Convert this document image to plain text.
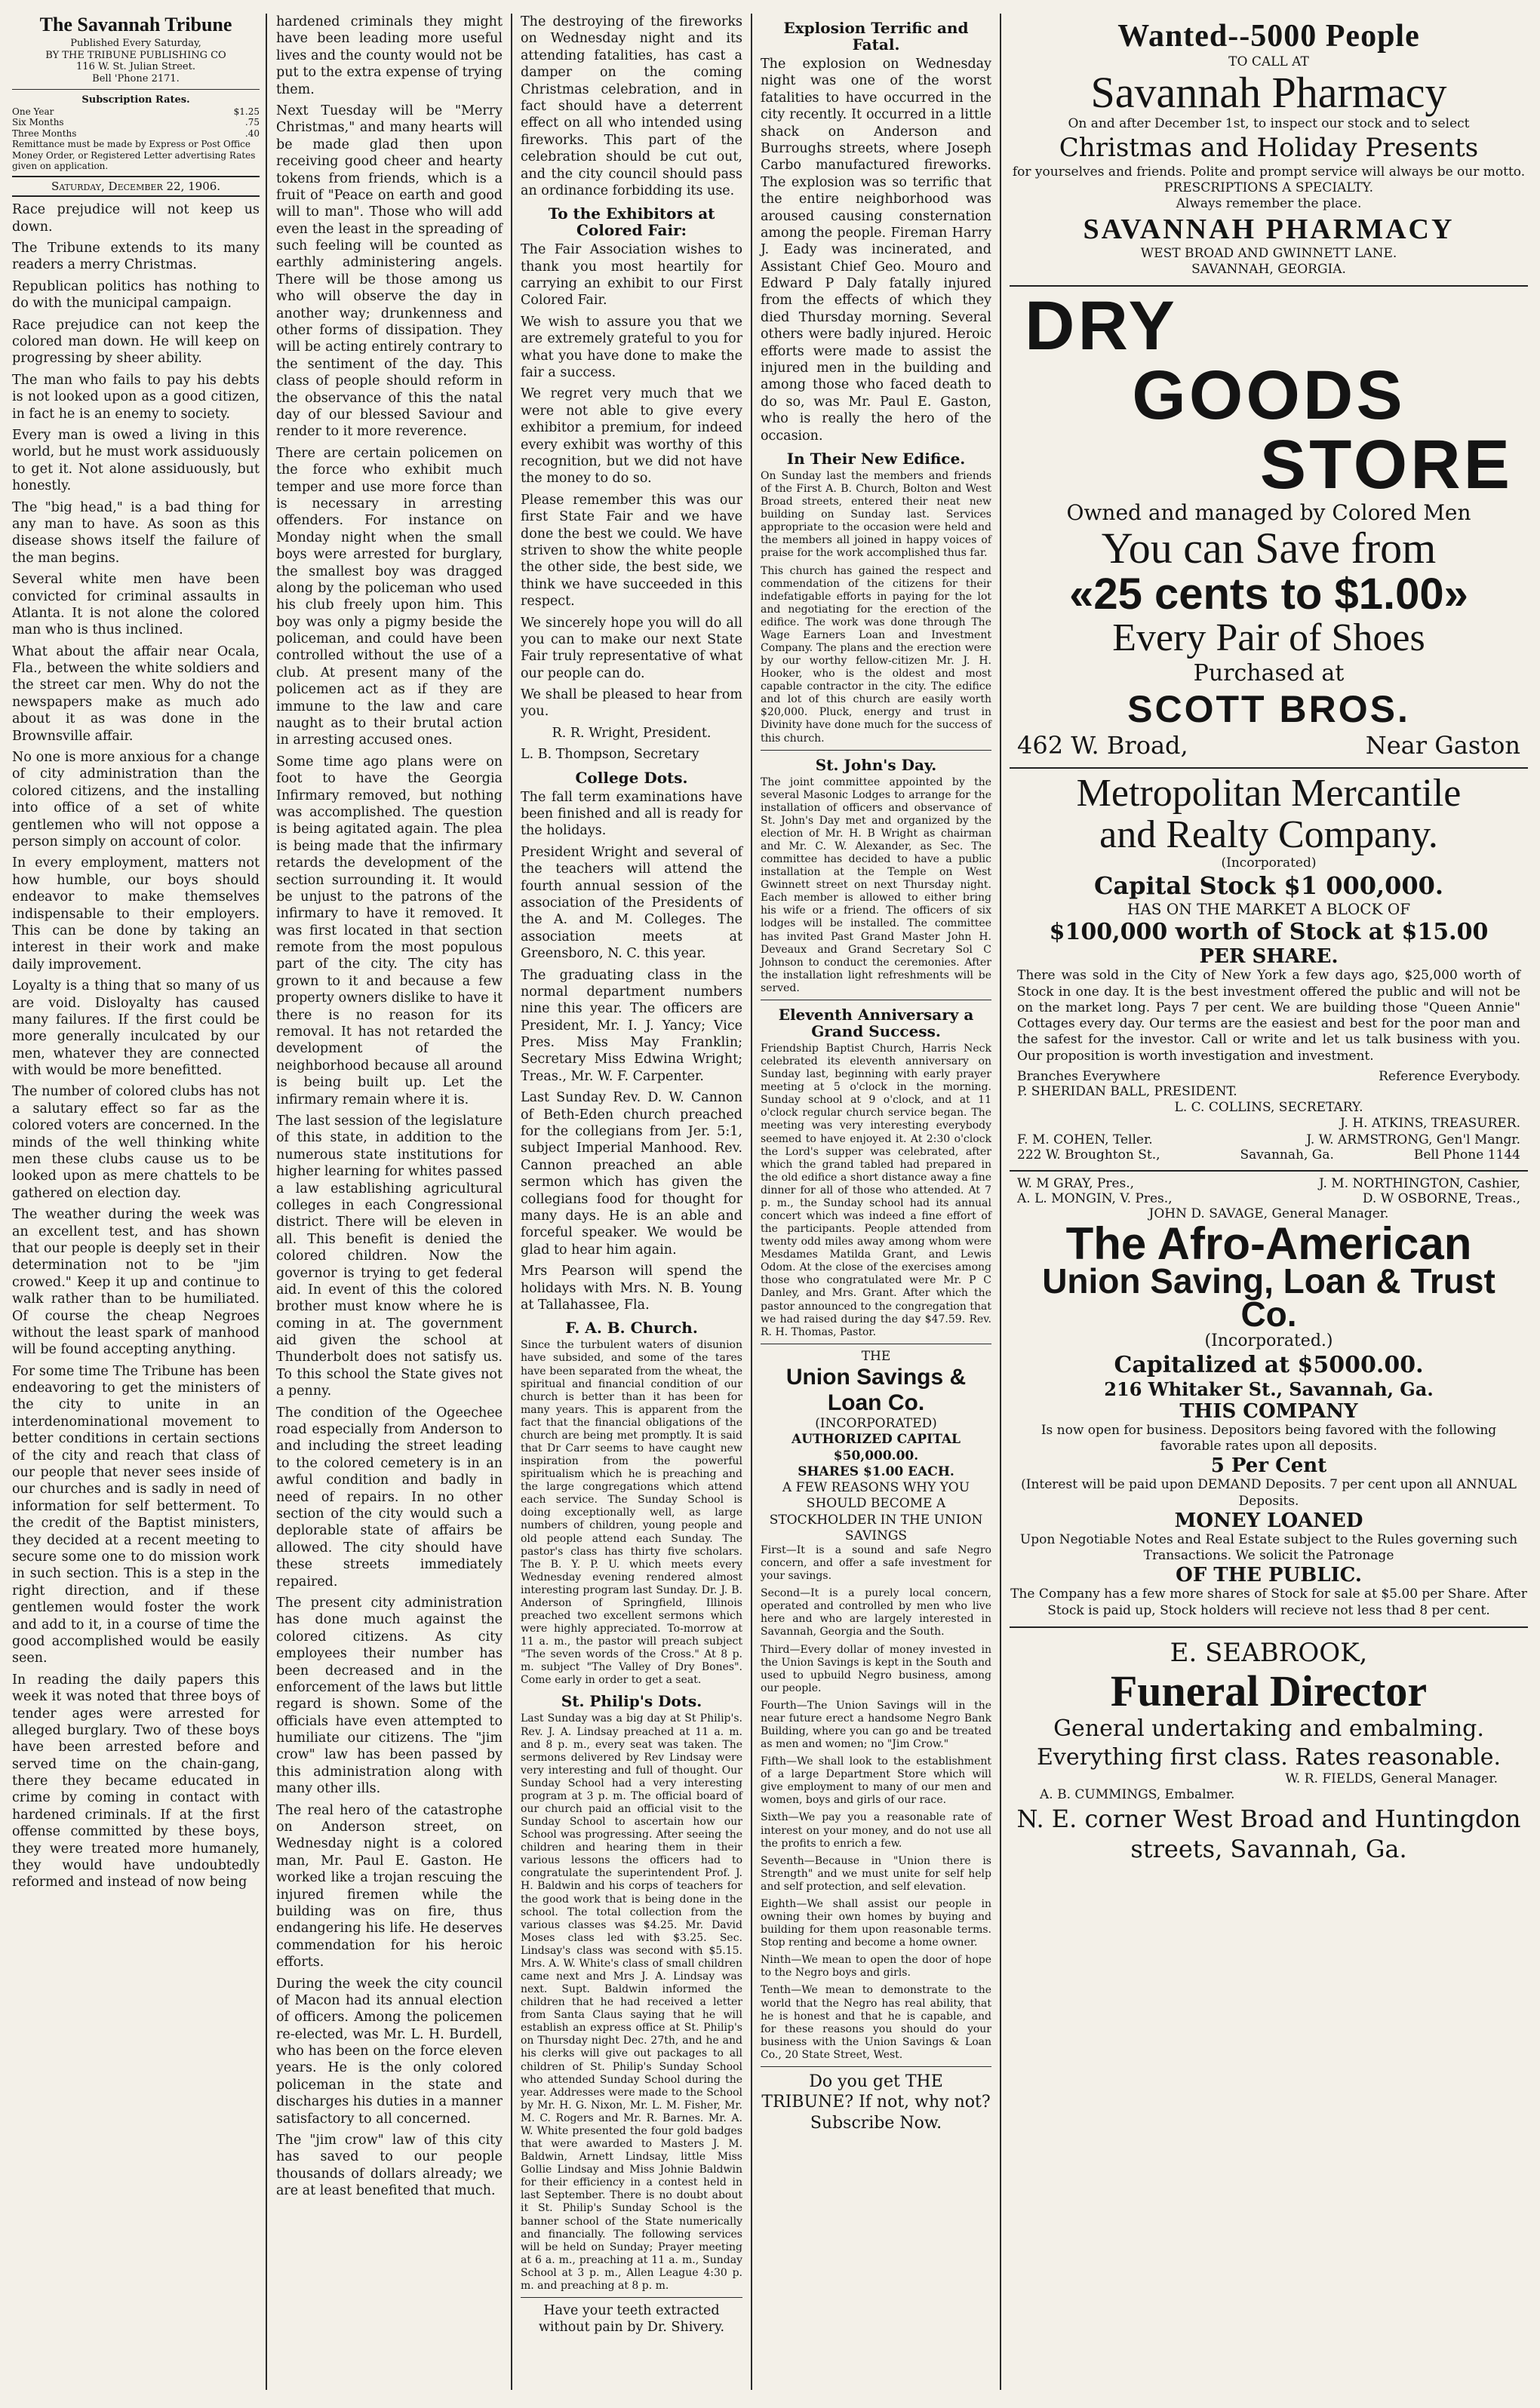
The Savannah Tribune
Published Every Saturday,
BY THE TRIBUNE PUBLISHING CO
116 W. St. Julian Street.
Bell 'Phone 2171.
Subscription Rates.
One Year	$1.25
Six Months	.75
Three Months	.40
Remittance must be made by Express or Post Office Money Order, or Registered Letter advertising Rates given on application.
Saturday, December 22, 1906.

Race prejudice will not keep us down.

The Tribune extends to its many readers a merry Christmas.

Republican politics has nothing to do with the municipal campaign.

Race prejudice can not keep the colored man down. He will keep on progressing by sheer ability.

The man who fails to pay his debts is not looked upon as a good citizen, in fact he is an enemy to society.

Every man is owed a living in this world, but he must work assiduously to get it. Not alone assiduously, but honestly.

The "big head," is a bad thing for any man to have. As soon as this disease shows itself the failure of the man begins.

Several white men have been convicted for criminal assaults in Atlanta. It is not alone the colored man who is thus inclined.

What about the affair near Ocala, Fla., between the white soldiers and the street car men. Why do not the newspapers make as much ado about it as was done in the Brownsville affair.

No one is more anxious for a change of city administration than the colored citizens, and the installing into office of a set of white gentlemen who will not oppose a person simply on account of color.

In every employment, matters not how humble, our boys should endeavor to make themselves indispensable to their employers. This can be done by taking an interest in their work and make daily improvement.

Loyalty is a thing that so many of us are void. Disloyalty has caused many failures. If the first could be more generally inculcated by our men, whatever they are connected with would be more benefitted.

The number of colored clubs has not a salutary effect so far as the colored voters are concerned. In the minds of the well thinking white men these clubs cause us to be looked upon as mere chattels to be gathered on election day.

The weather during the week was an excellent test, and has shown that our people is deeply set in their determination not to be "jim crowed." Keep it up and continue to walk rather than to be humiliated. Of course the cheap Negroes without the least spark of manhood will be found accepting anything.

For some time The Tribune has been endeavoring to get the ministers of the city to unite in an interdenominational movement to better conditions in certain sections of the city and reach that class of our people that never sees inside of our churches and is sadly in need of information for self betterment. To the credit of the Baptist ministers, they decided at a recent meeting to secure some one to do mission work in such section. This is a step in the right direction, and if these gentlemen would foster the work and add to it, in a course of time the good accomplished would be easily seen.

In reading the daily papers this week it was noted that three boys of tender ages were arrested for alleged burglary. Two of these boys have been arrested before and served time on the chain-gang, there they became educated in crime by coming in contact with hardened criminals. If at the first offense committed by these boys, they were treated more humanely, they would have undoubtedly reformed and instead of now being

hardened criminals they might have been leading more useful lives and the county would not be put to the extra expense of trying them.

Next Tuesday will be "Merry Christmas," and many hearts will be made glad then upon receiving good cheer and hearty tokens from friends, which is a fruit of "Peace on earth and good will to man". Those who will add even the least in the spreading of such feeling will be counted as earthly administering angels. There will be those among us who will observe the day in another way; drunkenness and other forms of dissipation. They will be acting entirely contrary to the sentiment of the day. This class of people should reform in the observance of this the natal day of our blessed Saviour and render to it more reverence.

There are certain policemen on the force who exhibit much temper and use more force than is necessary in arresting offenders. For instance on Monday night when the small boys were arrested for burglary, the smallest boy was dragged along by the policeman who used his club freely upon him. This boy was only a pigmy beside the policeman, and could have been controlled without the use of a club. At present many of the policemen act as if they are immune to the law and care naught as to their brutal action in arresting accused ones.

Some time ago plans were on foot to have the Georgia Infirmary removed, but nothing was accomplished. The question is being agitated again. The plea is being made that the infirmary retards the development of the section surrounding it. It would be unjust to the patrons of the infirmary to have it removed. It was first located in that section remote from the most populous part of the city. The city has grown to it and because a few property owners dislike to have it there is no reason for its removal. It has not retarded the development of the neighborhood because all around is being built up. Let the infirmary remain where it is.

The last session of the legislature of this state, in addition to the numerous state institutions for higher learning for whites passed a law establishing agricultural colleges in each Congressional district. There will be eleven in all. This benefit is denied the colored children. Now the governor is trying to get federal aid. In event of this the colored brother must know where he is coming in at. The government aid given the school at Thunderbolt does not satisfy us. To this school the State gives not a penny.

The condition of the Ogeechee road especially from Anderson to and including the street leading to the colored cemetery is in an awful condition and badly in need of repairs. In no other section of the city would such a deplorable state of affairs be allowed. The city should have these streets immediately repaired.

The present city administration has done much against the colored citizens. As city employees their number has been decreased and in the enforcement of the laws but little regard is shown. Some of the officials have even attempted to humiliate our citizens. The "jim crow" law has been passed by this administration along with many other ills.

The real hero of the catastrophe on Anderson street, on Wednesday night is a colored man, Mr. Paul E. Gaston. He worked like a trojan rescuing the injured firemen while the building was on fire, thus endangering his life. He deserves commendation for his heroic efforts.

During the week the city council of Macon had its annual election of officers. Among the policemen re-elected, was Mr. L. H. Burdell, who has been on the force eleven years. He is the only colored policeman in the state and discharges his duties in a manner satisfactory to all concerned.

The "jim crow" law of this city has saved to our people thousands of dollars already; we are at least benefited that much.

The destroying of the fireworks on Wednesday night and its attending fatalities, has cast a damper on the coming Christmas celebration, and in fact should have a deterrent effect on all who intended using fireworks. This part of the celebration should be cut out, and the city council should pass an ordinance forbidding its use.

To the Exhibitors at Colored Fair:

The Fair Association wishes to thank you most heartily for carrying an exhibit to our First Colored Fair.

We wish to assure you that we are extremely grateful to you for what you have done to make the fair a success.

We regret very much that we were not able to give every exhibitor a premium, for indeed every exhibit was worthy of this recognition, but we did not have the money to do so.

Please remember this was our first State Fair and we have done the best we could. We have striven to show the white people the other side, the best side, we think we have succeeded in this respect.

We sincerely hope you will do all you can to make our next State Fair truly representative of what our people can do.

We shall be pleased to hear from you.

R. R. Wright, President.

L. B. Thompson, Secretary

College Dots.

The fall term examinations have been finished and all is ready for the holidays.

President Wright and several of the teachers will attend the fourth annual session of the association of the Presidents of the A. and M. Colleges. The association meets at Greensboro, N. C. this year.

The graduating class in the normal department numbers nine this year. The officers are President, Mr. I. J. Yancy; Vice Pres. Miss May Franklin; Secretary Miss Edwina Wright; Treas., Mr. W. F. Carpenter.

Last Sunday Rev. D. W. Cannon of Beth-Eden church preached for the collegians from Jer. 5:1, subject Imperial Manhood. Rev. Cannon preached an able sermon which has given the collegians food for thought for many days. He is an able and forceful speaker. We would be glad to hear him again.

Mrs Pearson will spend the holidays with Mrs. N. B. Young at Tallahassee, Fla.

F. A. B. Church.

Since the turbulent waters of disunion have subsided, and some of the tares have been separated from the wheat, the spiritual and financial condition of our church is better than it has been for many years. This is apparent from the fact that the financial obligations of the church are being met promptly. It is said that Dr Carr seems to have caught new inspiration from the powerful spiritualism which he is preaching and the large congregations which attend each service. The Sunday School is doing exceptionally well, as large numbers of children, young people and old people attend each Sunday. The pastor's class has thirty five scholars. The B. Y. P. U. which meets every Wednesday evening rendered almost interesting program last Sunday. Dr. J. B. Anderson of Springfield, Illinois preached two excellent sermons which were highly appreciated. To-morrow at 11 a. m., the pastor will preach subject "The seven words of the Cross." At 8 p. m. subject "The Valley of Dry Bones". Come early in order to get a seat.

St. Philip's Dots.

Last Sunday was a big day at St Philip's. Rev. J. A. Lindsay preached at 11 a. m. and 8 p. m., every seat was taken. The sermons delivered by Rev Lindsay were very interesting and full of thought. Our Sunday School had a very interesting program at 3 p. m. The official board of our church paid an official visit to the Sunday School to ascertain how our School was progressing. After seeing the children and hearing them in their various lessons the officers had to congratulate the superintendent Prof. J. H. Baldwin and his corps of teachers for the good work that is being done in the school. The total collection from the various classes was $4.25. Mr. David Moses class led with $3.25. Sec. Lindsay's class was second with $5.15. Mrs. A. W. White's class of small children came next and Mrs J. A. Lindsay was next. Supt. Baldwin informed the children that he had received a letter from Santa Claus saying that he will establish an express office at St. Philip's on Thursday night Dec. 27th, and he and his clerks will give out packages to all children of St. Philip's Sunday School who attended Sunday School during the year. Addresses were made to the School by Mr. H. G. Nixon, Mr. L. M. Fisher, Mr. M. C. Rogers and Mr. R. Barnes. Mr. A. W. White presented the four gold badges that were awarded to Masters J. M. Baldwin, Arnett Lindsay, little Miss Gollie Lindsay and Miss Johnie Baldwin for their efficiency in a contest held in last September. There is no doubt about it St. Philip's Sunday School is the banner school of the State numerically and financially. The following services will be held on Sunday; Prayer meeting at 6 a. m., preaching at 11 a. m., Sunday School at 3 p. m., Allen League 4:30 p. m. and preaching at 8 p. m.

Have your teeth extracted without pain by Dr. Shivery.

Explosion Terrific and Fatal.

The explosion on Wednesday night was one of the worst fatalities to have occurred in the city recently. It occurred in a little shack on Anderson and Burroughs streets, where Joseph Carbo manufactured fireworks. The explosion was so terrific that the entire neighborhood was aroused causing consternation among the people. Fireman Harry J. Eady was incinerated, and Assistant Chief Geo. Mouro and Edward P Daly fatally injured from the effects of which they died Thursday morning. Several others were badly injured. Heroic efforts were made to assist the injured men in the building and among those who faced death to do so, was Mr. Paul E. Gaston, who is really the hero of the occasion.

In Their New Edifice.

On Sunday last the members and friends of the First A. B. Church, Bolton and West Broad streets, entered their neat new building on Sunday last. Services appropriate to the occasion were held and the members all joined in happy voices of praise for the work accomplished thus far.

This church has gained the respect and commendation of the citizens for their indefatigable efforts in paying for the lot and negotiating for the erection of the edifice. The work was done through The Wage Earners Loan and Investment Company. The plans and the erection were by our worthy fellow-citizen Mr. J. H. Hooker, who is the oldest and most capable contractor in the city. The edifice and lot of this church are easily worth $20,000. Pluck, energy and trust in Divinity have done much for the success of this church.

St. John's Day.

The joint committee appointed by the several Masonic Lodges to arrange for the installation of officers and observance of St. John's Day met and organized by the election of Mr. H. B Wright as chairman and Mr. C. W. Alexander, as Sec. The committee has decided to have a public installation at the Temple on West Gwinnett street on next Thursday night. Each member is allowed to either bring his wife or a friend. The officers of six lodges will be installed. The committee has invited Past Grand Master John H. Deveaux and Grand Secretary Sol C Johnson to conduct the ceremonies. After the installation light refreshments will be served.

Eleventh Anniversary a Grand Success.

Friendship Baptist Church, Harris Neck celebrated its eleventh anniversary on Sunday last, beginning with early prayer meeting at 5 o'clock in the morning. Sunday school at 9 o'clock, and at 11 o'clock regular church service began. The meeting was very interesting everybody seemed to have enjoyed it. At 2:30 o'clock the Lord's supper was celebrated, after which the grand tabled had prepared in the old edifice a short distance away a fine dinner for all of those who attended. At 7 p. m., the Sunday school had its annual concert which was indeed a fine effort of the participants. People attended from twenty odd miles away among whom were Mesdames Matilda Grant, and Lewis Odom. At the close of the exercises among those who congratulated were Mr. P C Danley, and Mrs. Grant. After which the pastor announced to the congregation that we had raised during the day $47.59. Rev. R. H. Thomas, Pastor.

THE
Union Savings & Loan Co.
(INCORPORATED)
AUTHORIZED CAPITAL $50,000.00.
SHARES $1.00 EACH.
A FEW REASONS WHY YOU SHOULD BECOME A STOCKHOLDER IN THE UNION SAVINGS

First—It is a sound and safe Negro concern, and offer a safe investment for your savings.

Second—It is a purely local concern, operated and controlled by men who live here and who are largely interested in Savannah, Georgia and the South.

Third—Every dollar of money invested in the Union Savings is kept in the South and used to upbuild Negro business, among our people.

Fourth—The Union Savings will in the near future erect a handsome Negro Bank Building, where you can go and be treated as men and women; no "Jim Crow."

Fifth—We shall look to the establishment of a large Department Store which will give employment to many of our men and women, boys and girls of our race.

Sixth—We pay you a reasonable rate of interest on your money, and do not use all the profits to enrich a few.

Seventh—Because in "Union there is Strength" and we must unite for self help and self protection, and self elevation.

Eighth—We shall assist our people in owning their own homes by buying and building for them upon reasonable terms. Stop renting and become a home owner.

Ninth—We mean to open the door of hope to the Negro boys and girls.

Tenth—We mean to demonstrate to the world that the Negro has real ability, that he is honest and that he is capable, and for these reasons you should do your business with the Union Savings & Loan Co., 20 State Street, West.

Do you get THE TRIBUNE? If not, why not? Subscribe Now.
Wanted--5000 People
TO CALL AT
Savannah Pharmacy
On and after December 1st, to inspect our stock and to select
Christmas and Holiday Presents
for yourselves and friends. Polite and prompt service will always be our motto. PRESCRIPTIONS A SPECIALTY.
Always remember the place.
SAVANNAH PHARMACY
WEST BROAD AND GWINNETT LANE.
SAVANNAH, GEORGIA.
DRY
GOODS
STORE
Owned and managed by Colored Men
You can Save from
«25 cents to $1.00»
Every Pair of Shoes
Purchased at
SCOTT BROS.
462 W. Broad,	Near Gaston
Metropolitan Mercantile
and Realty Company.
(Incorporated)
Capital Stock $1 000,000.
HAS ON THE MARKET A BLOCK OF
$100,000 worth of Stock at $15.00
PER SHARE.

There was sold in the City of New York a few days ago, $25,000 worth of Stock in one day. It is the best investment offered the public and will not be on the market long. Pays 7 per cent. We are building those "Queen Annie" Cottages every day. Our terms are the easiest and best for the poor man and the safest for the investor. Call or write and let us talk business with you. Our proposition is worth investigation and investment.

Branches Everywhere	Reference Everybody.
P. SHERIDAN BALL, PRESIDENT.
L. C. COLLINS, SECRETARY.
J. H. ATKINS, TREASURER.
F. M. COHEN, Teller.	J. W. ARMSTRONG, Gen'l Mangr.
222 W. Broughton St.,	Savannah, Ga.	Bell Phone 1144
W. M GRAY, Pres.,	J. M. NORTHINGTON, Cashier,
A. L. MONGIN, V. Pres.,	D. W OSBORNE, Treas.,
JOHN D. SAVAGE, General Manager.
The Afro-American
Union Saving, Loan & Trust Co.
(Incorporated.)
Capitalized at $5000.00.
216 Whitaker St., Savannah, Ga.
THIS COMPANY
Is now open for business. Depositors being favored with the following favorable rates upon all deposits.
5 Per Cent
(Interest will be paid upon DEMAND Deposits. 7 per cent upon all ANNUAL Deposits.
MONEY LOANED
Upon Negotiable Notes and Real Estate subject to the Rules governing such Transactions. We solicit the Patronage
OF THE PUBLIC.
The Company has a few more shares of Stock for sale at $5.00 per Share. After Stock is paid up, Stock holders will recieve not less thad 8 per cent.
E. SEABROOK,
Funeral Director
General undertaking and embalming.
Everything first class. Rates reasonable.
W. R. FIELDS, General Manager.
A. B. CUMMINGS, Embalmer.
N. E. corner West Broad and Huntingdon streets, Savannah, Ga.
